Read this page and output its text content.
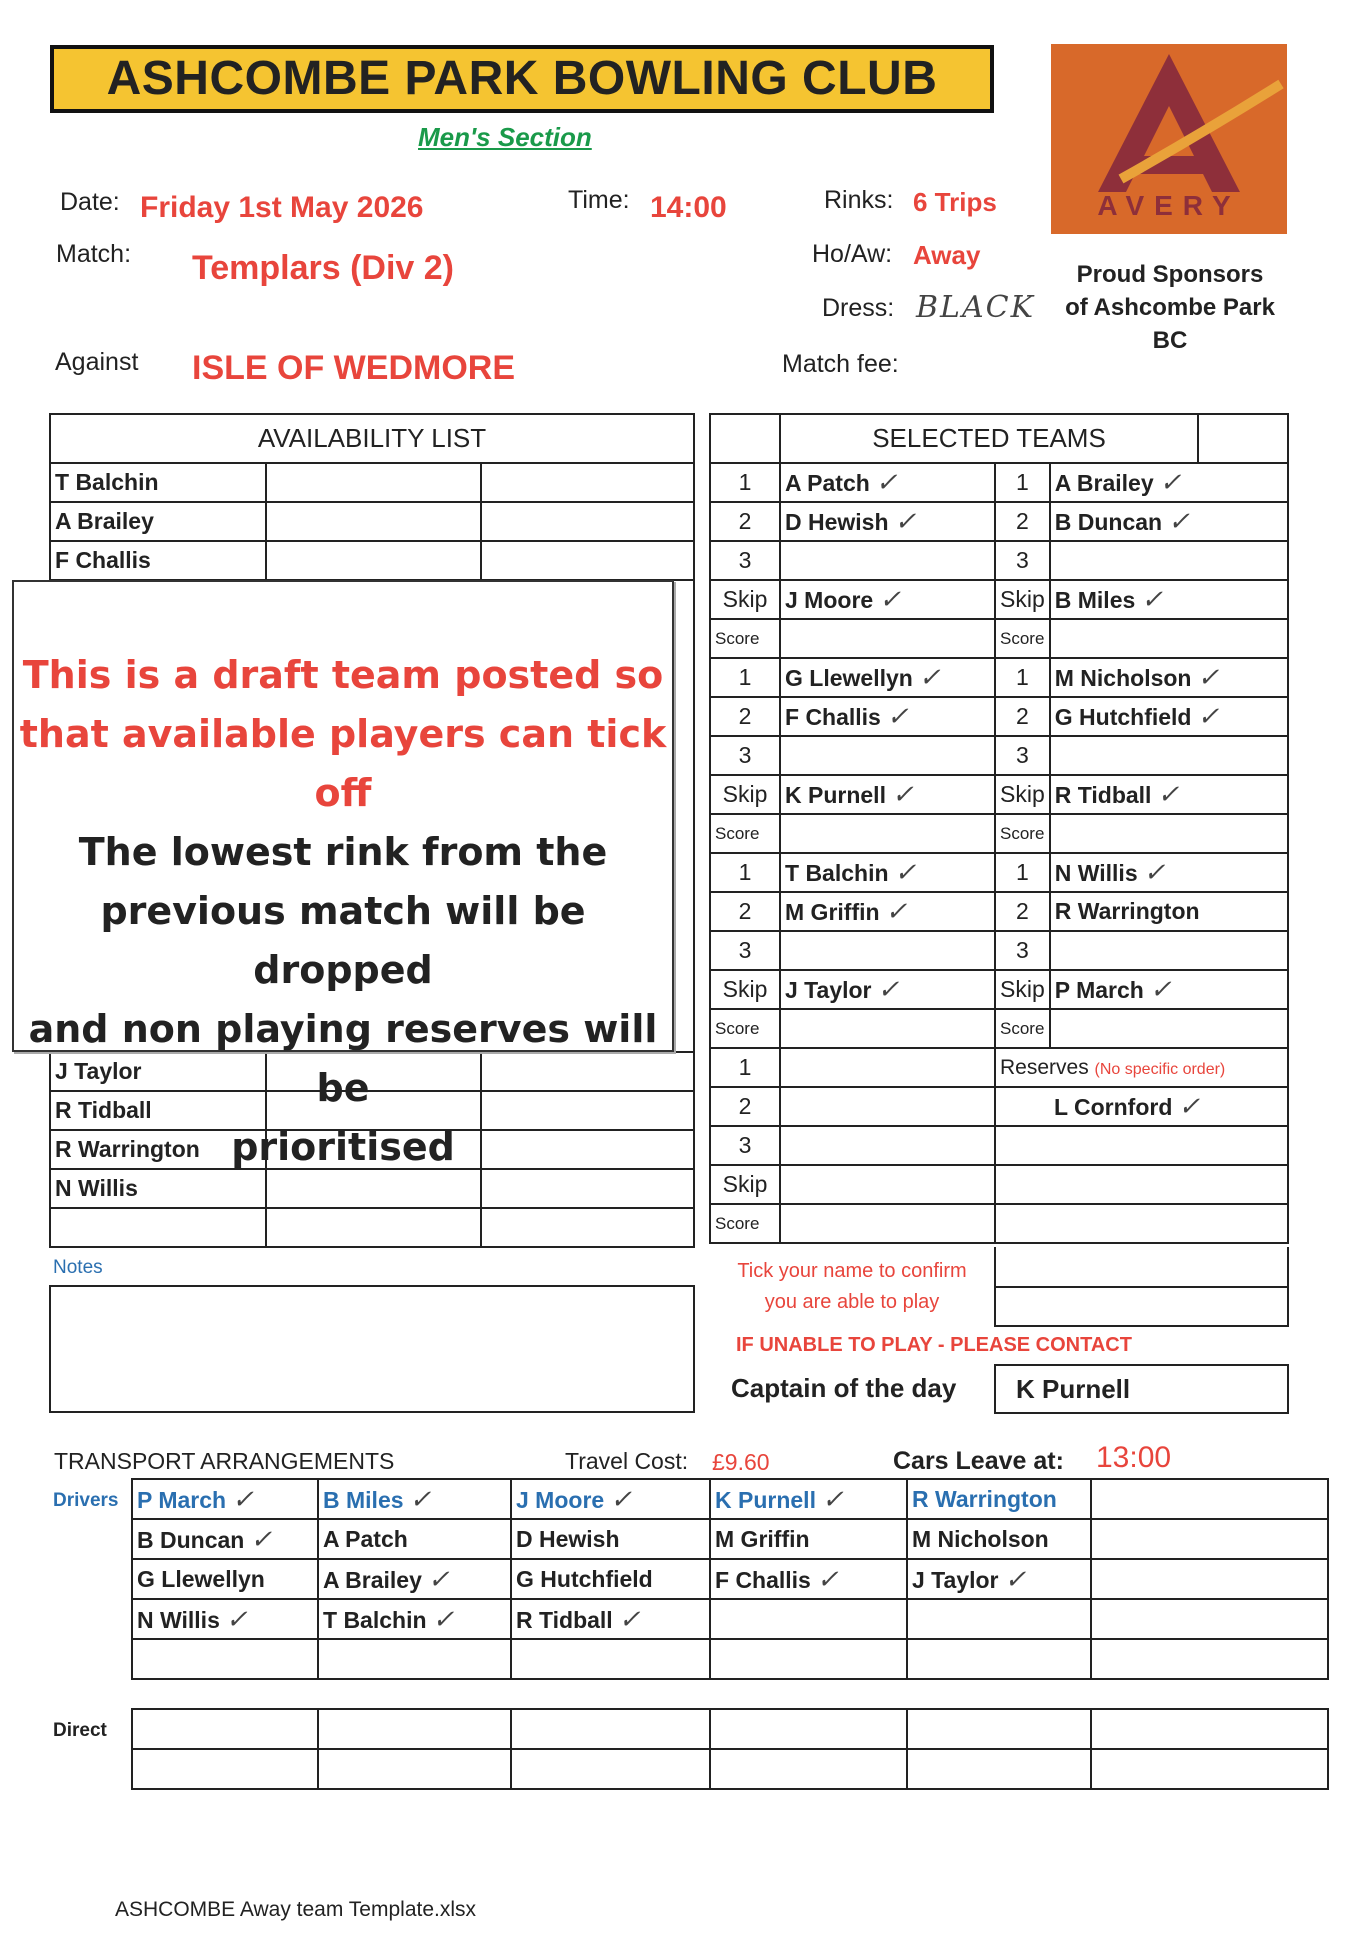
ASHCOMBE PARK BOWLING CLUB
Men's Section
Date: Friday 1st May 2026	Time: 14:00	Rinks: 6 Trips
Match: Templars (Div 2)	Ho/Aw: Away
Dress: BLACK
Against ISLE OF WEDMORE	Match fee:
AVERY
Proud Sponsors
of Ashcombe Park
BC
AVAILABILITY LIST		
T Balchin		
A Brailey		
F Challis		

J Taylor		
R Tidball		
R Warrington		
N Willis		

This is a draft team posted so
that available players can tick off
The lowest rink from the
previous match will be dropped
and non playing reserves will be
prioritised
	SELECTED TEAMS			
1	A Patch ✓	1	A Brailey ✓	
2	D Hewish ✓	2	B Duncan ✓	
3		3		
Skip	J Moore ✓	Skip	B Miles ✓	
Score		Score		
1	G Llewellyn ✓	1	M Nicholson ✓	
2	F Challis ✓	2	G Hutchfield ✓	
3		3		
Skip	K Purnell ✓	Skip	R Tidball ✓	
Score		Score		
1	T Balchin ✓	1	N Willis ✓	
2	M Griffin ✓	2	R Warrington	
3		3		
Skip	J Taylor ✓	Skip	P March ✓	
Score		Score		
1		Reserves (No specific order)		
2		L Cornford ✓		
3				
Skip				
Score				
Notes	Tick your name to confirm
you are able to play
IF UNABLE TO PLAY - PLEASE CONTACT
Captain of the day	K Purnell
TRANSPORT ARRANGEMENTS	Travel Cost: £9.60	Cars Leave at: 13:00
Drivers P March ✓	B Miles ✓	J Moore ✓	K Purnell ✓	R Warrington	
B Duncan ✓	A Patch	D Hewish	M Griffin	M Nicholson	
G Llewellyn	A Brailey ✓	G Hutchfield	F Challis ✓	J Taylor ✓	
N Willis ✓	T Balchin ✓	R Tidball ✓			

Direct

ASHCOMBE Away team Template.xlsx
